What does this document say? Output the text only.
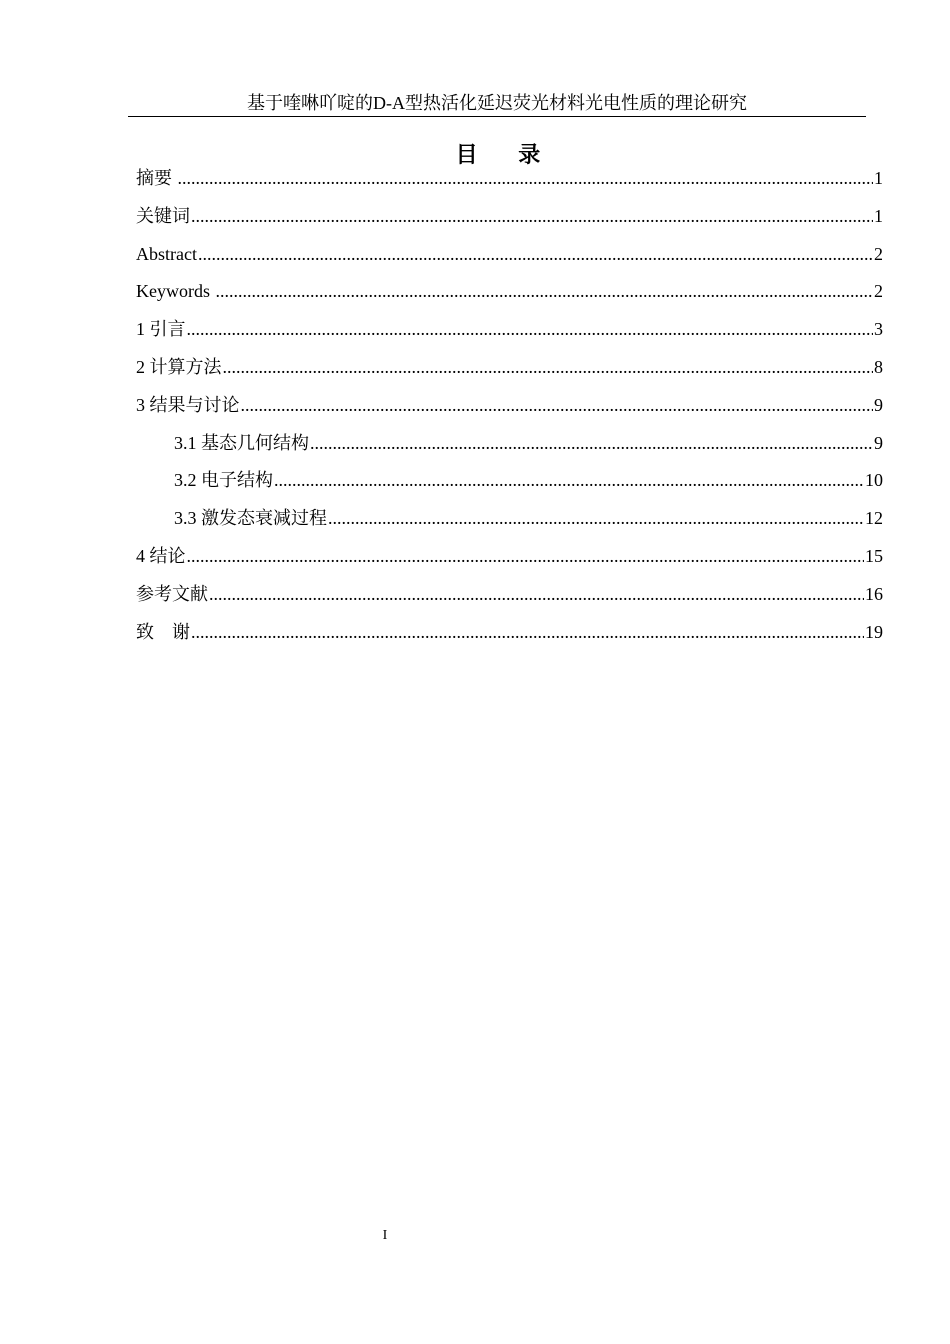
基于喹啉吖啶的D-A型热活化延迟荧光材料光电性质的理论研究
目    录
摘要 .....	1
关键词 .....	1
Abstract .....	2
Keywords .....	2
1 引言 .....	3
2 计算方法 .....	8
3 结果与讨论 .....	9
3.1 基态几何结构 .....	9
3.2 电子结构 .....	10
3.3 激发态衰减过程 .....	12
4 结论 .....	15
参考文献 .....	16
致    谢 .....	19
I
